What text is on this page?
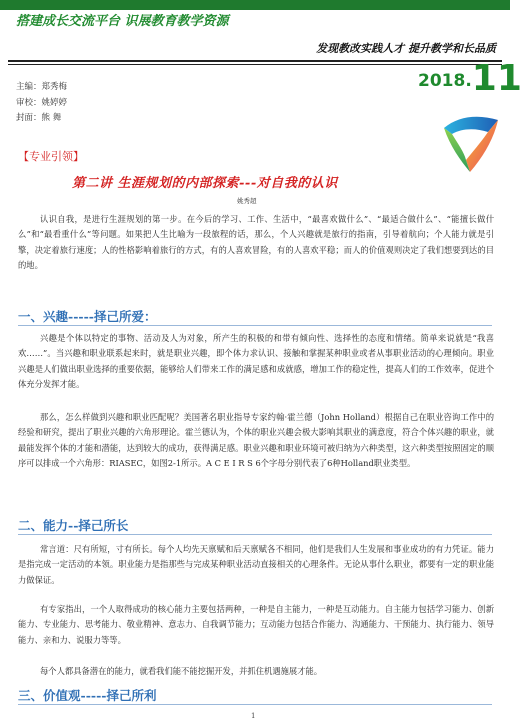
搭建成长交流平台 识展教育教学资源
发现教改实践人才 提升教学和长品质
2018.11
主编：郑秀梅
审校：姚婷婷
封面：熊 舞
【专业引领】
第二讲 生涯规划的内部探索---对自我的认识
姚秀超

认识自我，是进行生涯规划的第一步。在今后的学习、工作、生活中，“最喜欢做什么”、“最适合做什么”、“能擅长做什么”和“最看重什么”等问题。如果把人生比喻为一段旅程的话，那么，个人兴趣就是旅行的指南，引导着航向；个人能力就是引擎，决定着旅行速度；人的性格影响着旅行的方式，有的人喜欢冒险，有的人喜欢平稳；而人的价值观则决定了我们想要到达的目的地。

一、兴趣-----择己所爱：

兴趣是个体以特定的事物、活动及人为对象，所产生的积极的和带有倾向性、选择性的态度和情绪。简单来说就是“我喜欢……”。当兴趣和职业联系起来时，就是职业兴趣，即个体力求认识、接触和掌握某种职业或者从事职业活动的心理倾向。职业兴趣是人们做出职业选择的重要依据，能够给人们带来工作的满足感和成就感，增加工作的稳定性，提高人们的工作效率，促进个体充分发挥才能。

那么，怎么样做到兴趣和职业匹配呢？美国著名职业指导专家约翰·霍兰德（John Holland）根据自己在职业咨询工作中的经验和研究，提出了职业兴趣的六角形理论。霍兰德认为，个体的职业兴趣会极大影响其职业的满意度，符合个体兴趣的职业，就最能发挥个体的才能和潜能，达到较大的成功，获得满足感。职业兴趣和职业环境可被归纳为六种类型，这六种类型按照固定的顺序可以排成一个六角形：RIASEC，如图2-1所示。A C E I R S 6个字母分别代表了6种Holland职业类型。

二、能力--择己所长

常言道：尺有所短，寸有所长。每个人均先天禀赋和后天禀赋各不相同，他们是我们人生发展和事业成功的有力凭证。能力是指完成一定活动的本领。职业能力是指那些与完成某种职业活动直接相关的心理条件。无论从事什么职业，都要有一定的职业能力做保证。

有专家指出，一个人取得成功的核心能力主要包括两种，一种是自主能力，一种是互动能力。自主能力包括学习能力、创新能力、专业能力、思考能力、敬业精神、意志力、自我调节能力；互动能力包括合作能力、沟通能力、干预能力、执行能力、领导能力、亲和力、说服力等等。

每个人都具备潜在的能力，就看我们能不能挖掘开发，并抓住机遇施展才能。

三、价值观-----择己所利
1
